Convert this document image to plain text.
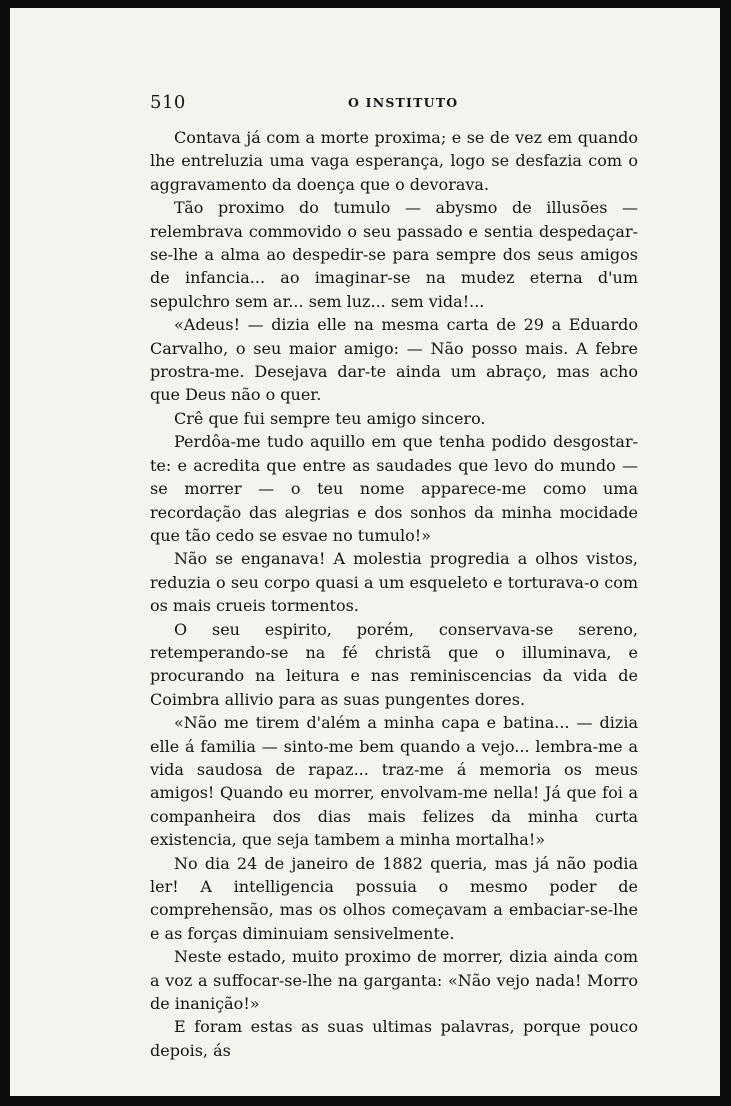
510	O INSTITUTO

Contava já com a morte proxima; e se de vez em quando lhe entreluzia uma vaga esperança, logo se desfazia com o aggravamento da doença que o devorava.

Tão proximo do tumulo — abysmo de illusões — relembrava commovido o seu passado e sentia despedaçar-se-lhe a alma ao despedir-se para sempre dos seus amigos de infancia... ao imaginar-se na mudez eterna d'um sepulchro sem ar... sem luz... sem vida!...

«Adeus! — dizia elle na mesma carta de 29 a Eduardo Carvalho, o seu maior amigo: — Não posso mais. A febre prostra-me. Desejava dar-te ainda um abraço, mas acho que Deus não o quer.

Crê que fui sempre teu amigo sincero.

Perdôa-me tudo aquillo em que tenha podido desgostar-te: e acredita que entre as saudades que levo do mundo — se morrer — o teu nome apparece-me como uma recordação das alegrias e dos sonhos da minha mocidade que tão cedo se esvae no tumulo!»

Não se enganava! A molestia progredia a olhos vistos, reduzia o seu corpo quasi a um esqueleto e torturava-o com os mais crueis tormentos.

O seu espirito, porém, conservava-se sereno, retemperando-se na fé christã que o illuminava, e procurando na leitura e nas reminiscencias da vida de Coimbra allivio para as suas pungentes dores.

«Não me tirem d'além a minha capa e batina... — dizia elle á familia — sinto-me bem quando a vejo... lembra-me a vida saudosa de rapaz... traz-me á memoria os meus amigos! Quando eu morrer, envolvam-me nella! Já que foi a companheira dos dias mais felizes da minha curta existencia, que seja tambem a minha mortalha!»

No dia 24 de janeiro de 1882 queria, mas já não podia ler! A intelligencia possuia o mesmo poder de comprehensão, mas os olhos começavam a embaciar-se-lhe e as forças diminuiam sensivelmente.

Neste estado, muito proximo de morrer, dizia ainda com a voz a suffocar-se-lhe na garganta: «Não vejo nada! Morro de inanição!»

E foram estas as suas ultimas palavras, porque pouco depois, ás
